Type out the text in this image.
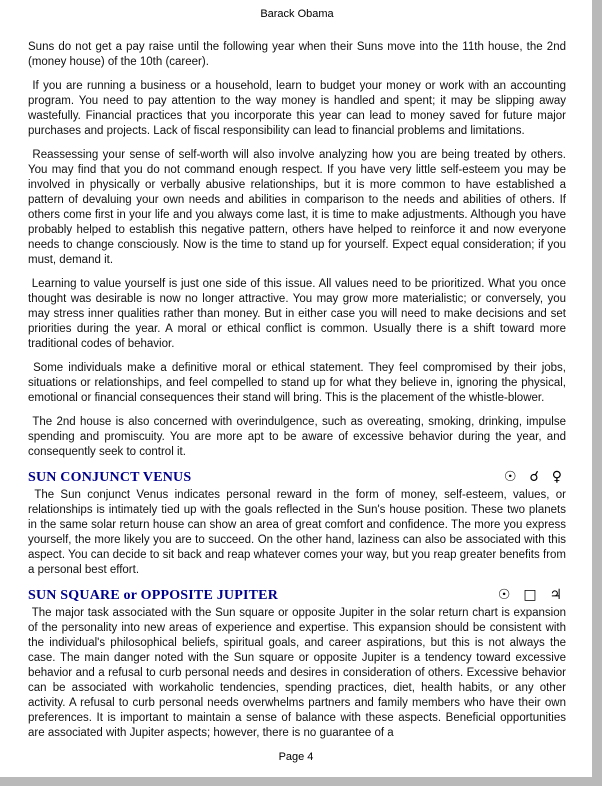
Barack Obama

Suns do not get a pay raise until the following year when their Suns move into the 11th house, the 2nd (money house) of the 10th (career).

If you are running a business or a household, learn to budget your money or work with an accounting program. You need to pay attention to the way money is handled and spent; it may be slipping away wastefully. Financial practices that you incorporate this year can lead to money saved for future major purchases and projects. Lack of fiscal responsibility can lead to financial problems and limitations.

Reassessing your sense of self-worth will also involve analyzing how you are being treated by others. You may find that you do not command enough respect. If you have very little self-esteem you may be involved in physically or verbally abusive relationships, but it is more common to have established a pattern of devaluing your own needs and abilities in comparison to the needs and abilities of others. If others come first in your life and you always come last, it is time to make adjustments. Although you have probably helped to establish this negative pattern, others have helped to reinforce it and now everyone needs to change consciously. Now is the time to stand up for yourself. Expect equal consideration; if you must, demand it.

Learning to value yourself is just one side of this issue. All values need to be prioritized. What you once thought was desirable is now no longer attractive. You may grow more materialistic; or conversely, you may stress inner qualities rather than money. But in either case you will need to make decisions and set priorities during the year. A moral or ethical conflict is common. Usually there is a shift toward more traditional codes of behavior.

Some individuals make a definitive moral or ethical statement. They feel compromised by their jobs, situations or relationships, and feel compelled to stand up for what they believe in, ignoring the physical, emotional or financial consequences their stand will bring. This is the placement of the whistle-blower.

The 2nd house is also concerned with overindulgence, such as overeating, smoking, drinking, impulse spending and promiscuity. You are more apt to be aware of excessive behavior during the year, and consequently seek to control it.

SUN CONJUNCT VENUS	☉ ☌ ♀

The Sun conjunct Venus indicates personal reward in the form of money, self-esteem, values, or relationships is intimately tied up with the goals reflected in the Sun's house position. These two planets in the same solar return house can show an area of great comfort and confidence. The more you express yourself, the more likely you are to succeed. On the other hand, laziness can also be associated with this aspect. You can decide to sit back and reap whatever comes your way, but you reap greater benefits from a personal best effort.

SUN SQUARE or OPPOSITE JUPITER	☉ □ ♃

The major task associated with the Sun square or opposite Jupiter in the solar return chart is expansion of the personality into new areas of experience and expertise. This expansion should be consistent with the individual's philosophical beliefs, spiritual goals, and career aspirations, but this is not always the case. The main danger noted with the Sun square or opposite Jupiter is a tendency toward excessive behavior and a refusal to curb personal needs and desires in consideration of others. Excessive behavior can be associated with workaholic tendencies, spending practices, diet, health habits, or any other activity. A refusal to curb personal needs overwhelms partners and family members who have their own preferences. It is important to maintain a sense of balance with these aspects. Beneficial opportunities are associated with Jupiter aspects; however, there is no guarantee of a

Page 4
